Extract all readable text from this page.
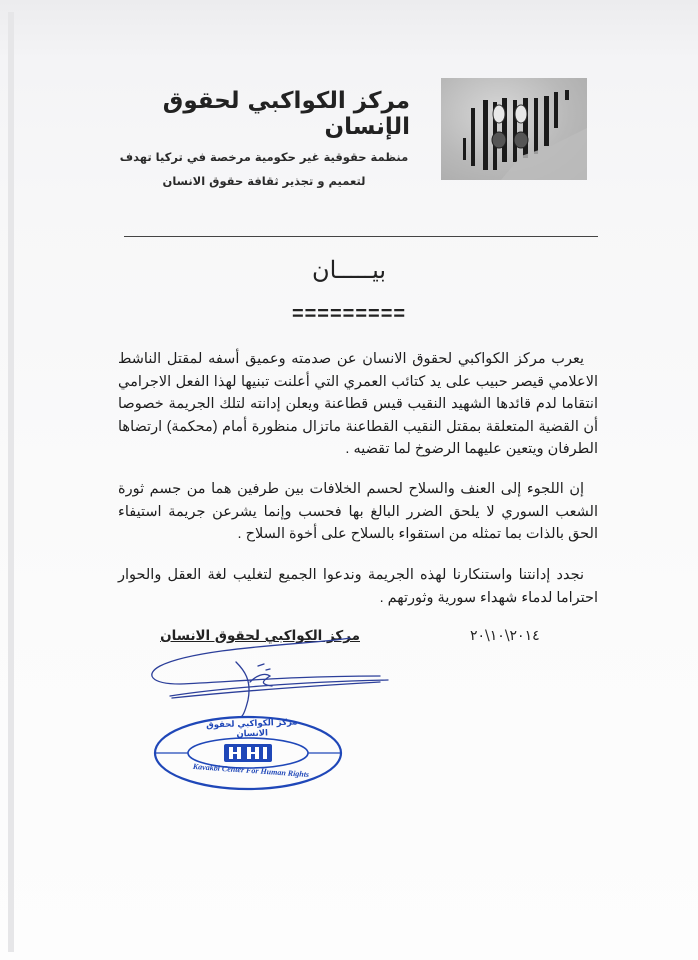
مركز الكواكبي لحقوق الإنسان
منظمة حقوقية غير حكومية مرخصة في تركيا تهدف
لتعميم و تجذير ثقافة حقوق الانسان
بيـــــان
=========
يعرب مركز الكواكبي لحقوق الانسان عن صدمته وعميق أسفه لمقتل الناشط الاعلامي قيصر حبيب على يد كتائب العمري التي أعلنت تبنيها لهذا الفعل الاجرامي انتقاما لدم قائدها الشهيد النقيب قيس قطاعنة ويعلن إدانته لتلك الجريمة خصوصا أن القضية المتعلقة بمقتل النقيب القطاعنة ماتزال منظورة أمام (محكمة) ارتضاها الطرفان ويتعين عليهما الرضوخ لما تقضيه .
إن اللجوء إلى العنف والسلاح لحسم الخلافات بين طرفين هما من جسم ثورة الشعب السوري لا يلحق الضرر البالغ بها فحسب وإنما يشرعن جريمة استيفاء الحق بالذات بما تمثله من استقواء بالسلاح على أخوة السلاح .
نجدد إدانتنا واستنكارنا لهذه الجريمة وندعوا الجميع لتغليب لغة العقل والحوار احتراما لدماء شهداء سورية وثورتهم .
مركز الكواكبي لحقوق الانسان	٢٠١٤\١٠\٢٠
مركز الكواكبي لحقوق الانسان
Kavakbi Center For Human Rights
